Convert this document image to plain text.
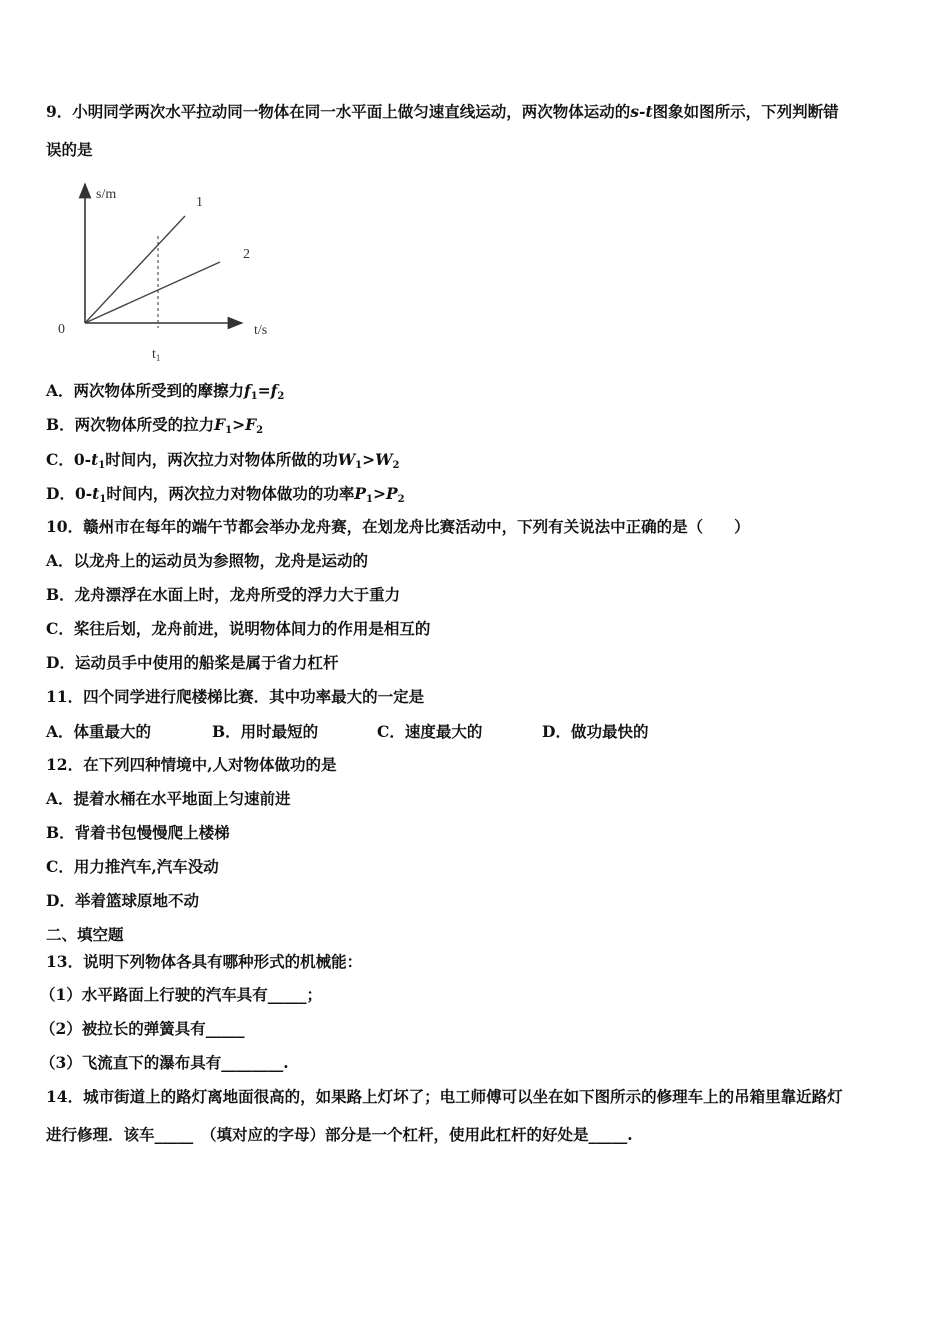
9．小明同学两次水平拉动同一物体在同一水平面上做匀速直线运动，两次物体运动的s-t图象如图所示，下列判断错
误的是
s/m
t/s
0
$t_1$
1
2
A．两次物体所受到的摩擦力$f_1=f_2$
B．两次物体所受的拉力$F_1>F_2$
C．$0-t_1$时间内，两次拉力对物体所做的功$W_1>W_2$
D．$0-t_1$时间内，两次拉力对物体做功的功率$P_1>P_2$
10．赣州市在每年的端午节都会举办龙舟赛，在划龙舟比赛活动中，下列有关说法中正确的是（　　）
A．以龙舟上的运动员为参照物，龙舟是运动的
B．龙舟漂浮在水面上时，龙舟所受的浮力大于重力
C．桨往后划，龙舟前进，说明物体间力的作用是相互的
D．运动员手中使用的船桨是属于省力杠杆
11．四个同学进行爬楼梯比赛．其中功率最大的一定是
A．体重最大的	B．用时最短的	C．速度最大的	D．做功最快的
12．在下列四种情境中,人对物体做功的是
A．提着水桶在水平地面上匀速前进
B．背着书包慢慢爬上楼梯
C．用力推汽车,汽车没动
D．举着篮球原地不动
二、填空题
13．说明下列物体各具有哪种形式的机械能：
（1）水平路面上行驶的汽车具有_____；
（2）被拉长的弹簧具有_____
（3）飞流直下的瀑布具有________.
14．城市街道上的路灯离地面很高的，如果路上灯坏了；电工师傅可以坐在如下图所示的修理车上的吊箱里靠近路灯
进行修理．该车_____　（填对应的字母）部分是一个杠杆，使用此杠杆的好处是_____.
